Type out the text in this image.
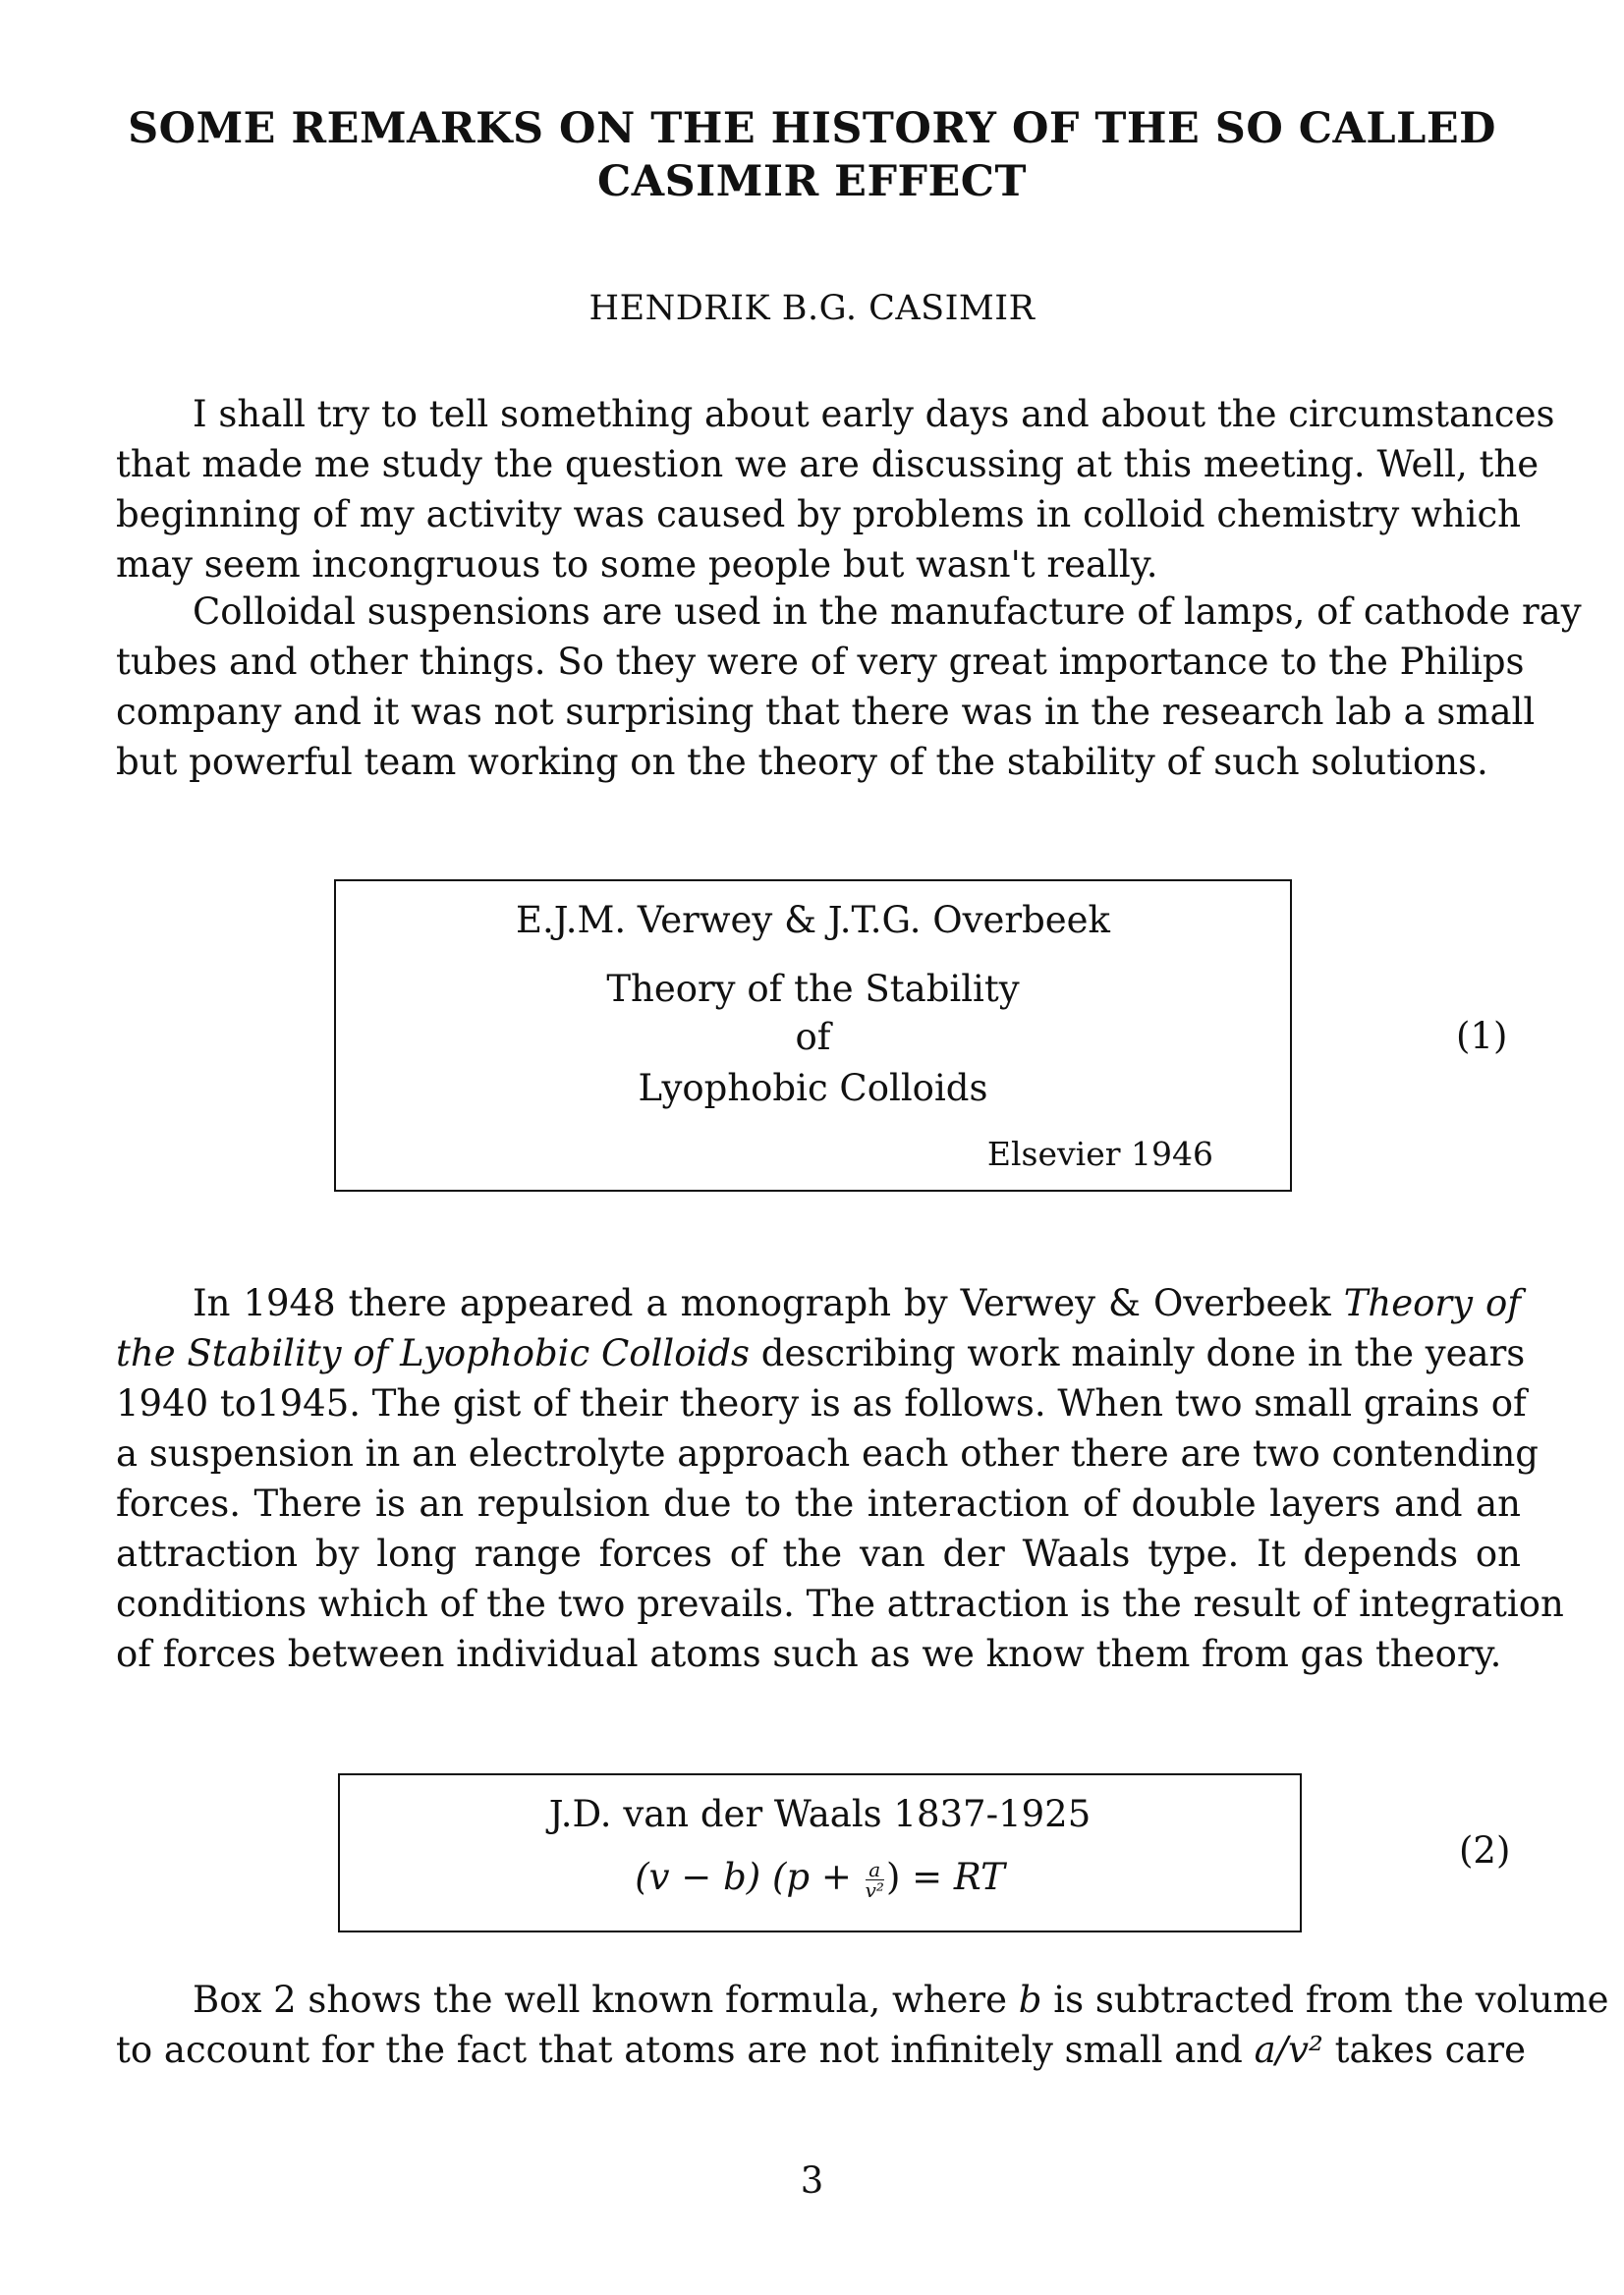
SOME REMARKS ON THE HISTORY OF THE SO CALLED
CASIMIR EFFECT
HENDRIK B.G. CASIMIR
I shall try to tell something about early days and about the circumstances
that made me study the question we are discussing at this meeting. Well, the
beginning of my activity was caused by problems in colloid chemistry which
may seem incongruous to some people but wasn't really.
Colloidal suspensions are used in the manufacture of lamps, of cathode ray
tubes and other things. So they were of very great importance to the Philips
company and it was not surprising that there was in the research lab a small
but powerful team working on the theory of the stability of such solutions.
E.J.M. Verwey & J.T.G. Overbeek
Theory of the Stability
of
Lyophobic Colloids
Elsevier 1946
(1)
In 1948 there appeared a monograph by Verwey & Overbeek Theory of
the Stability of Lyophobic Colloids describing work mainly done in the years
1940 to1945. The gist of their theory is as follows. When two small grains of
a suspension in an electrolyte approach each other there are two contending
forces. There is an repulsion due to the interaction of double layers and an
attraction by long range forces of the van der Waals type. It depends on
conditions which of the two prevails. The attraction is the result of integration
of forces between individual atoms such as we know them from gas theory.
J.D. van der Waals 1837-1925
(v − b) ($p + \frac{a}{\text{v²}}$ ) = RT
(2)
Box 2 shows the well known formula, where b is subtracted from the volume
to account for the fact that atoms are not infinitely small and a/v² takes care
3
